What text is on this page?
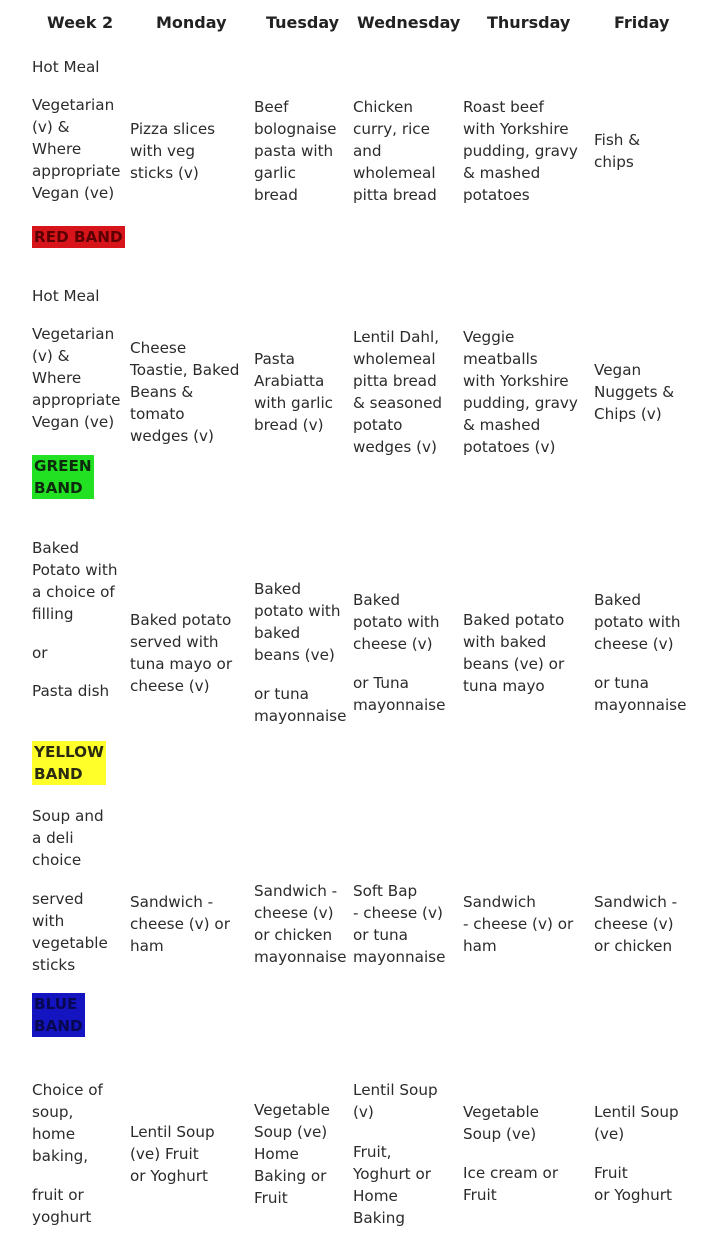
Week 2	Monday Tuesday Wednesday Thursday	Friday
Hot Meal
Vegetarian
(v) &
Where
appropriate
Vegan (ve)
Pizza slices
with veg
sticks (v)
Beef
bolognaise
pasta with
garlic
bread
Chicken
curry, rice
and
wholemeal
pitta bread
Roast beef
with Yorkshire
pudding, gravy
& mashed
potatoes
Fish &
chips
RED BAND
Hot Meal
Vegetarian
(v) &
Where
appropriate
Vegan (ve)
Cheese
Toastie, Baked
Beans &
tomato
wedges (v)
Pasta
Arabiatta
with garlic
bread (v)
Lentil Dahl,
wholemeal
pitta bread
& seasoned
potato
wedges (v)
Veggie
meatballs
with Yorkshire
pudding, gravy
& mashed
potatoes (v)
Vegan
Nuggets &
Chips (v)
GREEN
BAND
Baked
Potato with
a choice of
filling
or
Pasta dish
Baked potato
served with
tuna mayo or
cheese (v)
Baked
potato with
baked
beans (ve)
or tuna
mayonnaise
Baked
potato with
cheese (v)
or Tuna
mayonnaise
Baked potato
with baked
beans (ve) or
tuna mayo
Baked
potato with
cheese (v)
or tuna
mayonnaise
YELLOW
BAND
Soup and
a deli
choice
served
with
vegetable
sticks
Sandwich -
cheese (v) or
ham
Sandwich -
cheese (v)
or chicken
mayonnaise
Soft Bap
- cheese (v)
or tuna
mayonnaise
Sandwich
- cheese (v) or
ham
Sandwich -
cheese (v)
or chicken
BLUE
BAND
Choice of
soup,
home
baking,
fruit or
yoghurt
Lentil Soup
(ve) Fruit
or Yoghurt
Vegetable
Soup (ve)
Home
Baking or
Fruit
Lentil Soup
(v)
Fruit,
Yoghurt or
Home
Baking
Vegetable
Soup (ve)
Ice cream or
Fruit
Lentil Soup
(ve)
Fruit
or Yoghurt
